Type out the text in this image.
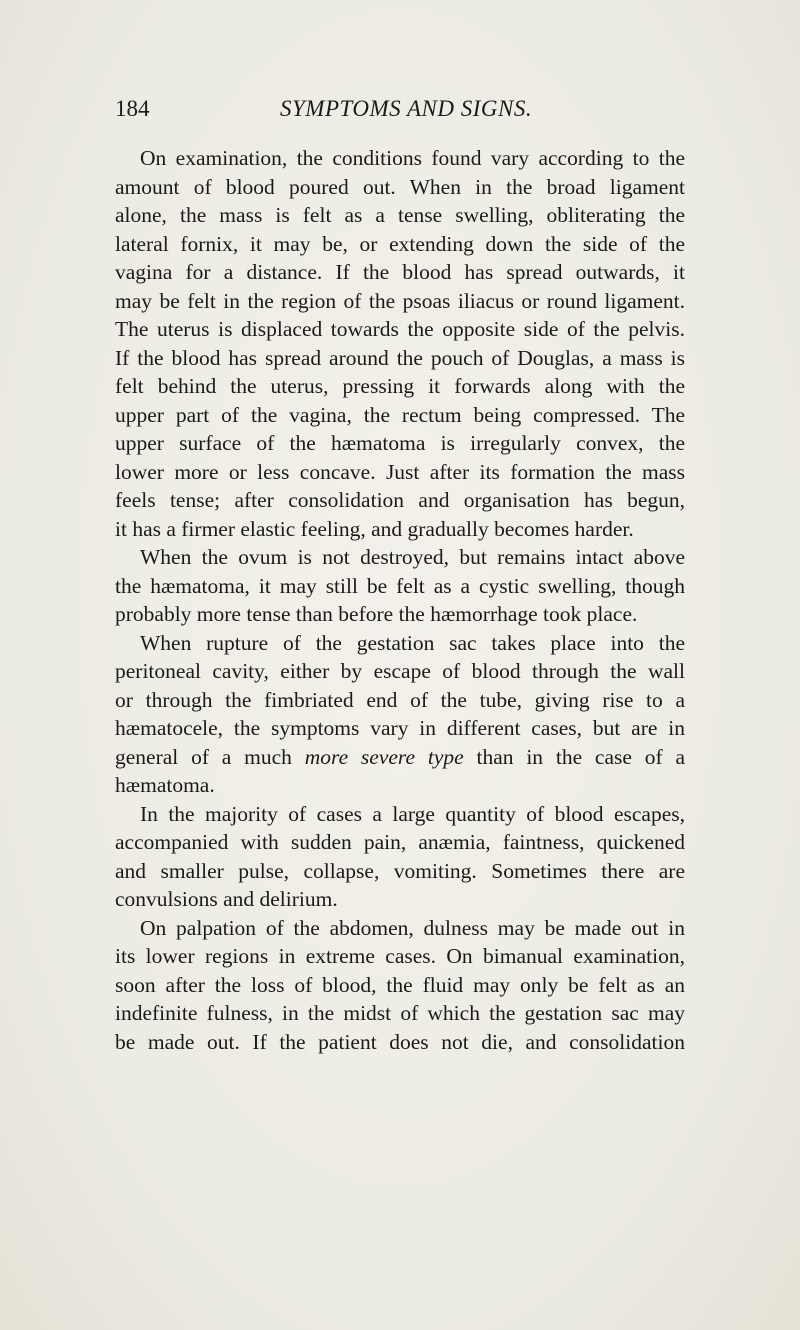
184	SYMPTOMS AND SIGNS.
On examination, the conditions found vary according to the
amount of blood poured out. When in the broad ligament
alone, the mass is felt as a tense swelling, obliterating the
lateral fornix, it may be, or extending down the side of the
vagina for a distance. If the blood has spread outwards, it
may be felt in the region of the psoas iliacus or round ligament.
The uterus is displaced towards the opposite side of the pelvis.
If the blood has spread around the pouch of Douglas, a mass is
felt behind the uterus, pressing it forwards along with the
upper part of the vagina, the rectum being compressed. The
upper surface of the hæmatoma is irregularly convex, the
lower more or less concave. Just after its formation the mass
feels tense; after consolidation and organisation has begun,
it has a firmer elastic feeling, and gradually becomes harder.
When the ovum is not destroyed, but remains intact above
the hæmatoma, it may still be felt as a cystic swelling, though
probably more tense than before the hæmorrhage took place.
When rupture of the gestation sac takes place into the
peritoneal cavity, either by escape of blood through the wall
or through the fimbriated end of the tube, giving rise to a
hæmatocele, the symptoms vary in different cases, but are in
general of a much more severe type than in the case of a
hæmatoma.
In the majority of cases a large quantity of blood escapes,
accompanied with sudden pain, anæmia, faintness, quickened
and smaller pulse, collapse, vomiting. Sometimes there are
convulsions and delirium.
On palpation of the abdomen, dulness may be made out in
its lower regions in extreme cases. On bimanual examination,
soon after the loss of blood, the fluid may only be felt as an
indefinite fulness, in the midst of which the gestation sac may
be made out. If the patient does not die, and consolidation
